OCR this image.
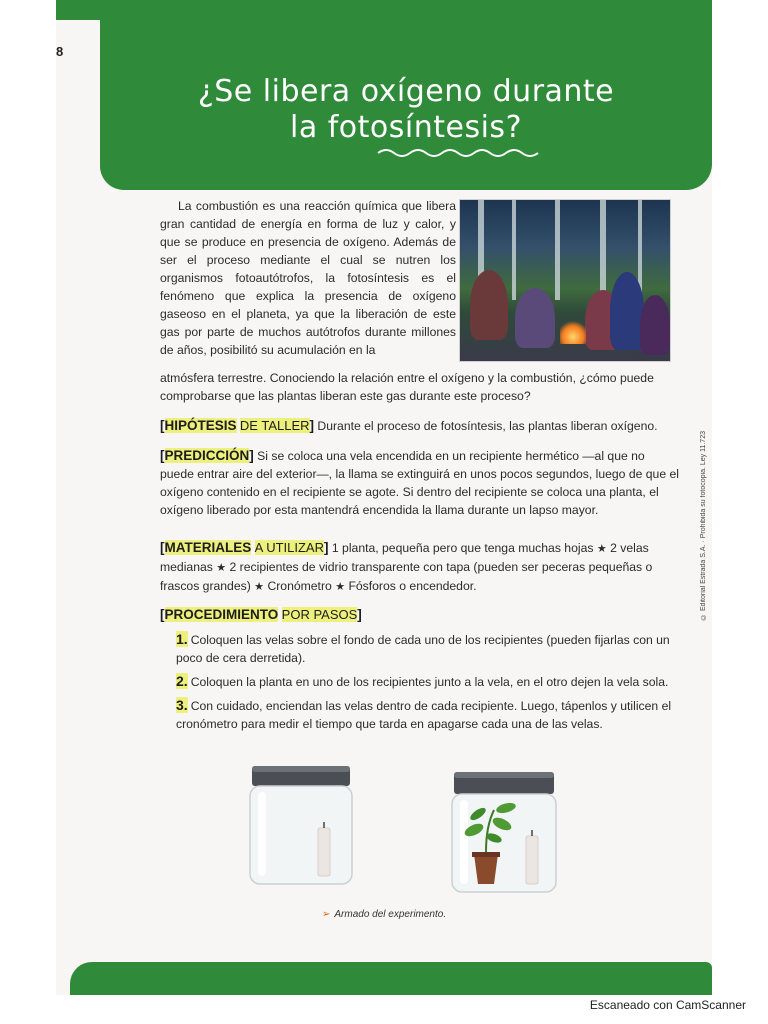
8
¿Se libera oxígeno durante
la fotosíntesis?
La combustión es una reacción química que libera gran cantidad de energía en forma de luz y calor, y que se produce en presencia de oxígeno. Además de ser el proceso mediante el cual se nutren los organismos fotoautótrofos, la fotosíntesis es el fenómeno que explica la presencia de oxígeno gaseoso en el planeta, ya que la liberación de este gas por parte de muchos autótrofos durante millones de años, posibilitó su acumulación en la
atmósfera terrestre. Conociendo la relación entre el oxígeno y la combustión, ¿cómo puede comprobarse que las plantas liberan este gas durante este proceso?
[HIPÓTESIS DE TALLER] Durante el proceso de fotosíntesis, las plantas liberan oxígeno.
[PREDICCIÓN] Si se coloca una vela encendida en un recipiente hermético —al que no puede entrar aire del exterior—, la llama se extinguirá en unos pocos segundos, luego de que el oxígeno contenido en el recipiente se agote. Si dentro del recipiente se coloca una planta, el oxígeno liberado por esta mantendrá encendida la llama durante un lapso mayor.
[MATERIALES A UTILIZAR] 1 planta, pequeña pero que tenga muchas hojas ★ 2 velas medianas ★ 2 recipientes de vidrio transparente con tapa (pueden ser peceras pequeñas o frascos grandes) ★ Cronómetro ★ Fósforos o encendedor.
[PROCEDIMIENTO POR PASOS]
1. Coloquen las velas sobre el fondo de cada uno de los recipientes (pueden fijarlas con un poco de cera derretida).
2. Coloquen la planta en uno de los recipientes junto a la vela, en el otro dejen la vela sola.
3. Con cuidado, enciendan las velas dentro de cada recipiente. Luego, tápenlos y utilicen el cronómetro para medir el tiempo que tarda en apagarse cada una de las velas.
➢ Armado del experimento.
© Editorial Estrada S.A. · Prohibida su fotocopia. Ley 11.723
Escaneado con CamScanner
